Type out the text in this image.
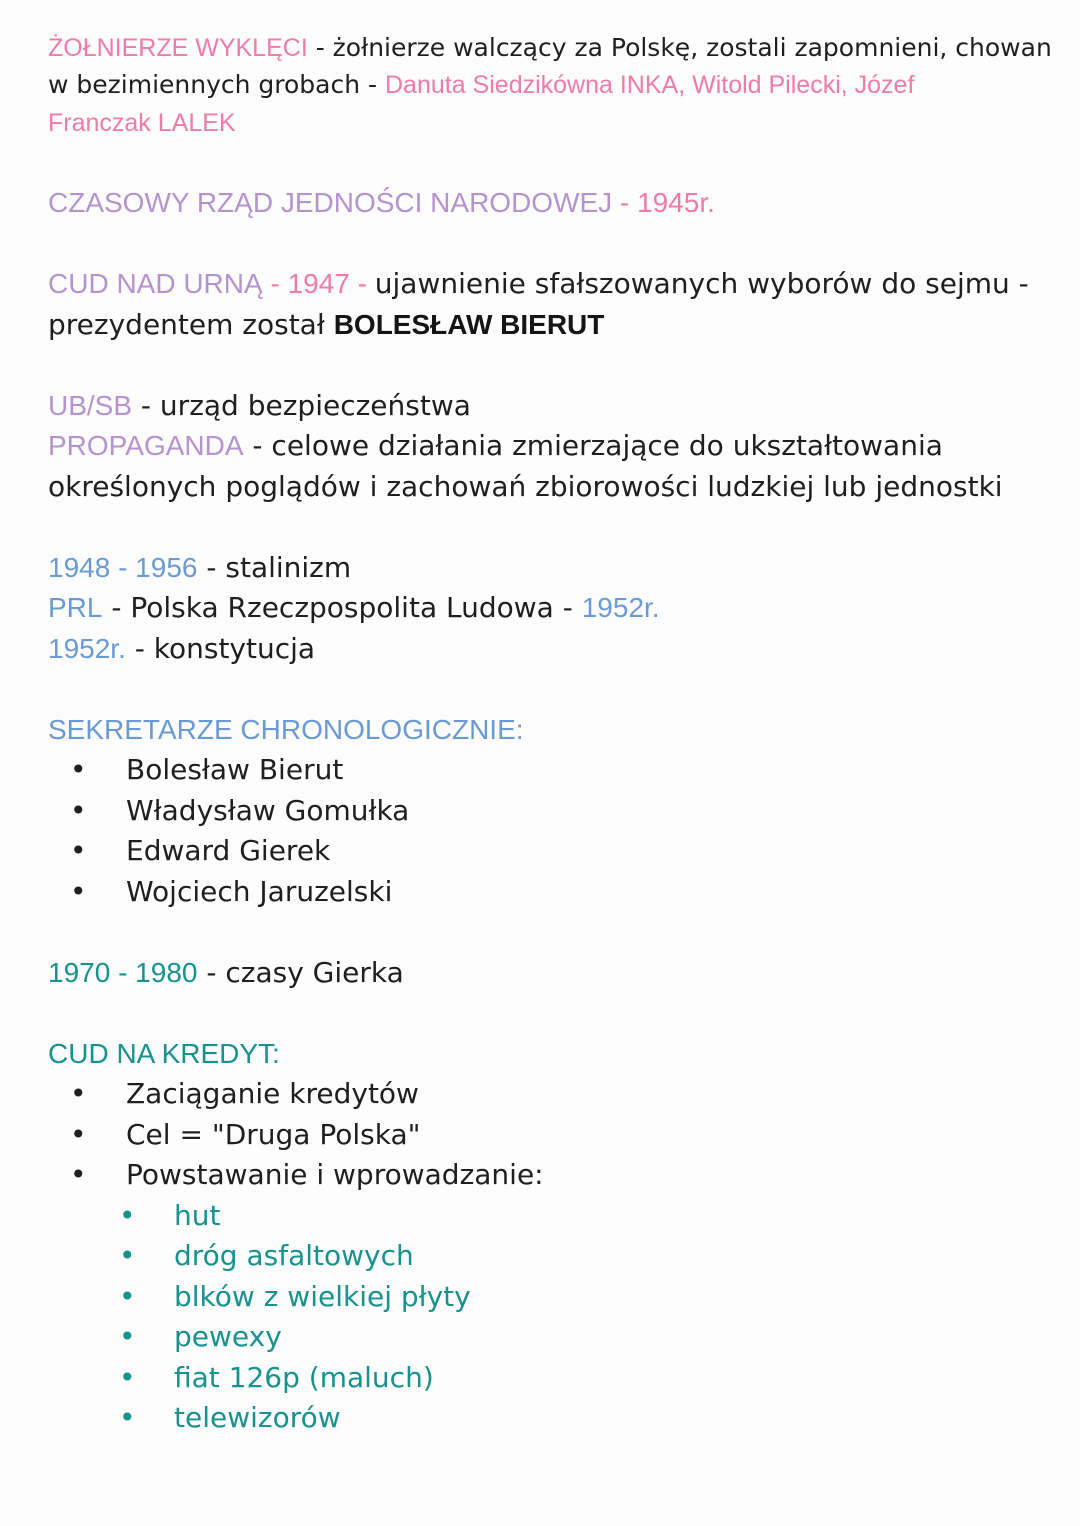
ŻOŁNIERZE WYKLĘCI - żołnierze walczący za Polskę, zostali zapomnieni, chowan
w bezimiennych grobach - Danuta Siedzikówna INKA, Witold Pilecki, Józef
Franczak LALEK
CZASOWY RZĄD JEDNOŚCI NARODOWEJ - 1945r.
CUD NAD URNĄ - 1947 - ujawnienie sfałszowanych wyborów do sejmu -
prezydentem został BOLESŁAW BIERUT
UB/SB - urząd bezpieczeństwa
PROPAGANDA - celowe działania zmierzające do ukształtowania
określonych poglądów i zachowań zbiorowości ludzkiej lub jednostki
1948 - 1956 - stalinizm
PRL - Polska Rzeczpospolita Ludowa - 1952r.
1952r. - konstytucja
SEKRETARZE CHRONOLOGICZNIE:
• Bolesław Bierut
• Władysław Gomułka
• Edward Gierek
• Wojciech Jaruzelski
1970 - 1980 - czasy Gierka
CUD NA KREDYT:
• Zaciąganie kredytów
• Cel = "Druga Polska"
• Powstawanie i wprowadzanie:
• hut
• dróg asfaltowych
• blków z wielkiej płyty
• pewexy
• fiat 126p (maluch)
• telewizorów
